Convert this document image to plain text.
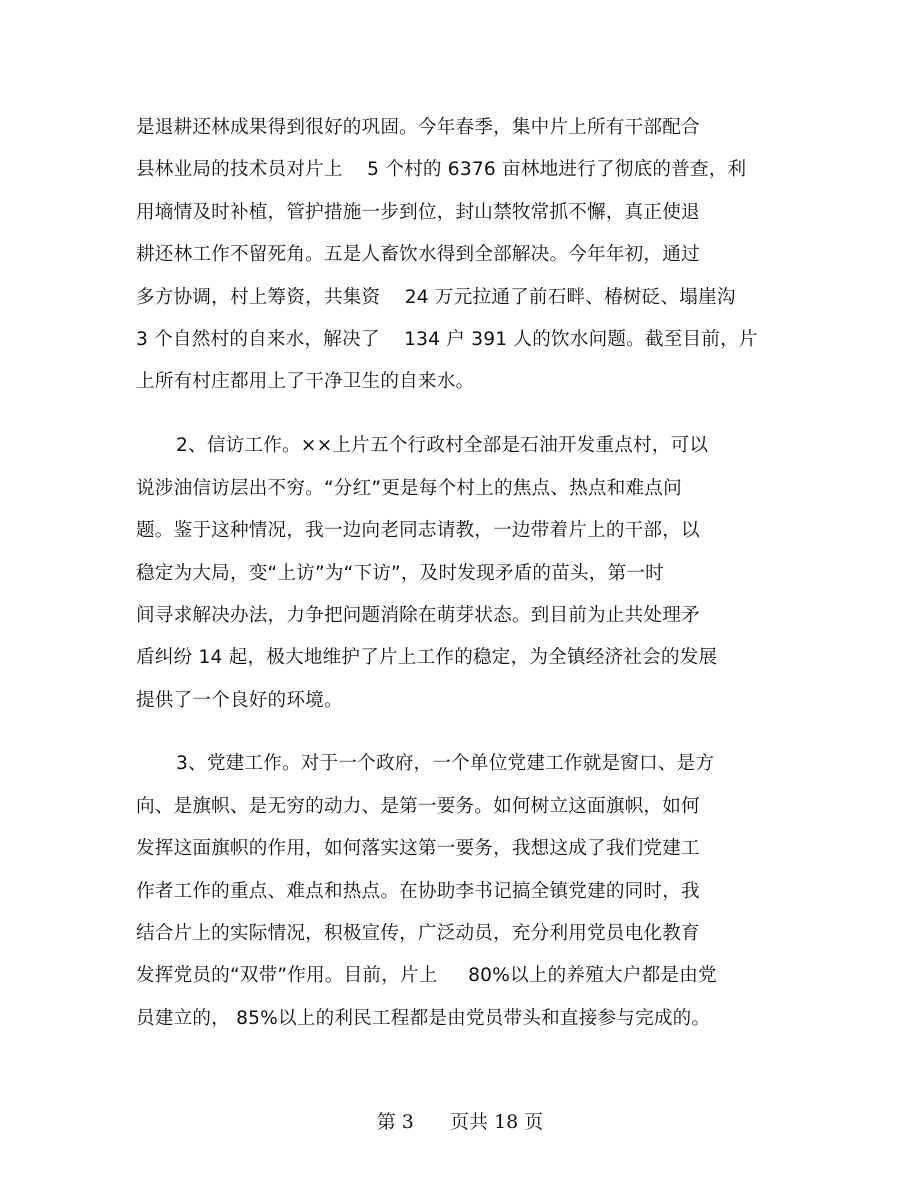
是退耕还林成果得到很好的巩固。今年春季，集中片上所有干部配合
县林业局的技术员对片上    5 个村的 6376 亩林地进行了彻底的普查，利
用墒情及时补植，管护措施一步到位，封山禁牧常抓不懈，真正使退
耕还林工作不留死角。五是人畜饮水得到全部解决。今年年初，通过
多方协调，村上筹资，共集资    24 万元拉通了前石畔、椿树砭、塌崖沟
3 个自然村的自来水，解决了    134 户 391 人的饮水问题。截至目前，片
上所有村庄都用上了干净卫生的自来水。
2、信访工作。××上片五个行政村全部是石油开发重点村，可以
说涉油信访层出不穷。“分红”更是每个村上的焦点、热点和难点问
题。鉴于这种情况，我一边向老同志请教，一边带着片上的干部，以
稳定为大局，变“上访”为“下访”，及时发现矛盾的苗头，第一时
间寻求解决办法，力争把问题消除在萌芽状态。到目前为止共处理矛
盾纠纷 14 起，极大地维护了片上工作的稳定，为全镇经济社会的发展
提供了一个良好的环境。
3、党建工作。对于一个政府，一个单位党建工作就是窗口、是方
向、是旗帜、是无穷的动力、是第一要务。如何树立这面旗帜，如何
发挥这面旗帜的作用，如何落实这第一要务，我想这成了我们党建工
作者工作的重点、难点和热点。在协助李书记搞全镇党建的同时，我
结合片上的实际情况，积极宣传，广泛动员，充分利用党员电化教育
发挥党员的“双带”作用。目前，片上     80%以上的养殖大户都是由党
员建立的， 85%以上的利民工程都是由党员带头和直接参与完成的。
第 3      页共 18 页
